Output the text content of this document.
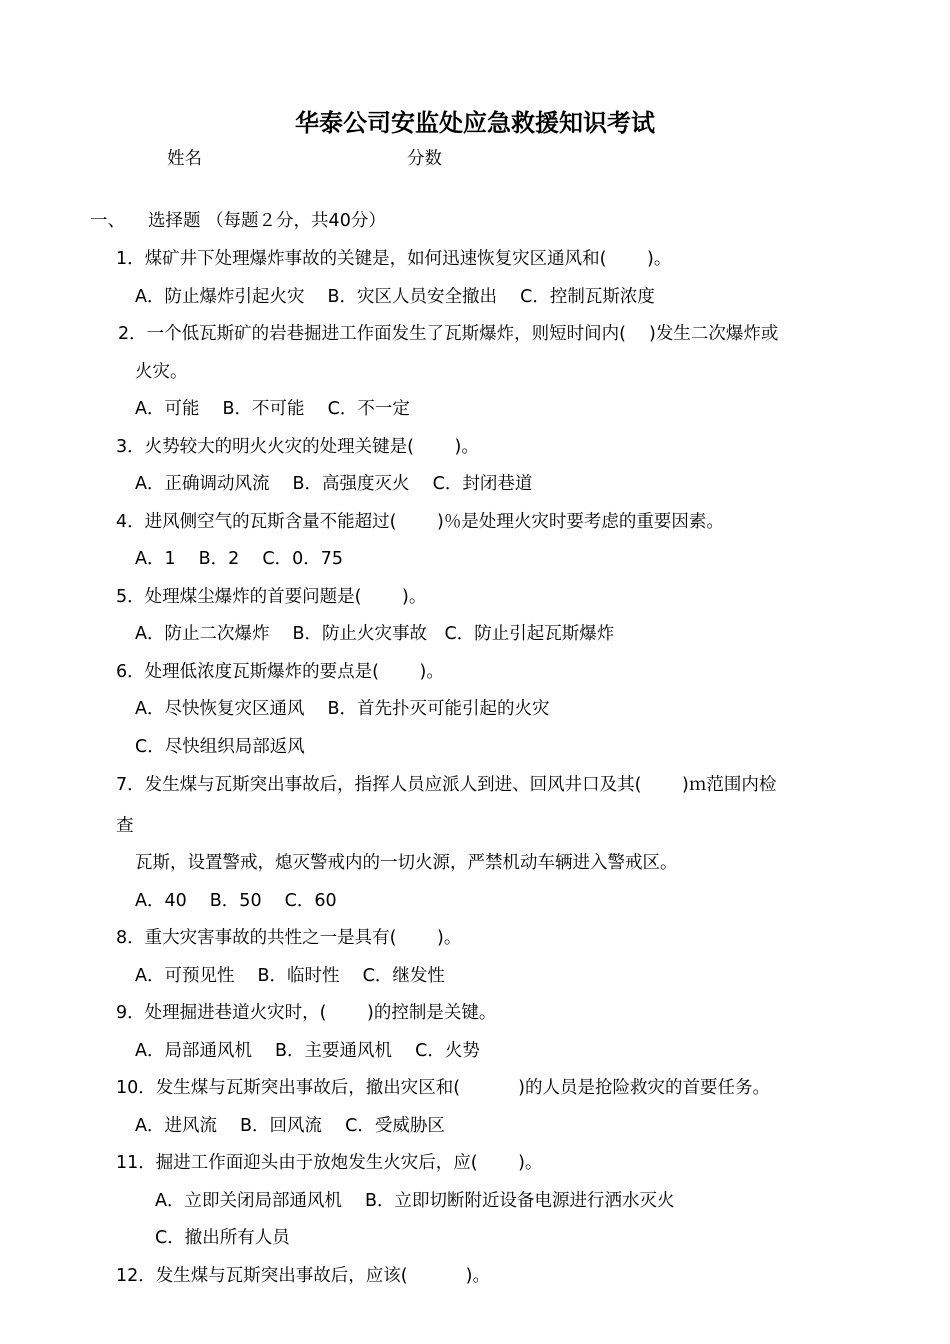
华泰公司安监处应急救援知识考试
姓名	分数
一、 选择题 （每题２分，共40分）
1．煤矿井下处理爆炸事故的关键是，如何迅速恢复灾区通风和(　　 )。
A．防止爆炸引起火灾　 B．灾区人员安全撤出　 C．控制瓦斯浓度
2．一个低瓦斯矿的岩巷掘进工作面发生了瓦斯爆炸，则短时间内(　 )发生二次爆炸或
火灾。
A．可能　 B．不可能　 C．不一定
3．火势较大的明火火灾的处理关键是(　　 )。
A．正确调动风流　 B．高强度灭火　 C．封闭巷道
4．进风侧空气的瓦斯含量不能超过(　　 )％是处理火灾时要考虑的重要因素。
A．1　 B．2　 C．0．75
5．处理煤尘爆炸的首要问题是(　　 )。
A．防止二次爆炸　 B．防止火灾事故　C．防止引起瓦斯爆炸
6．处理低浓度瓦斯爆炸的要点是(　　 )。
A．尽快恢复灾区通风　 B．首先扑灭可能引起的火灾
C．尽快组织局部返风
7．发生煤与瓦斯突出事故后，指挥人员应派人到进、回风井口及其(　　 )ｍ范围内检
查
瓦斯，设置警戒，熄灭警戒内的一切火源，严禁机动车辆进入警戒区。
A．40　 B．50　 C．60
8．重大灾害事故的共性之一是具有(　　 )。
A．可预见性　 B．临时性　 C．继发性
9．处理掘进巷道火灾时，(　　 )的控制是关键。
A．局部通风机　 B．主要通风机　 C．火势
10．发生煤与瓦斯突出事故后，撤出灾区和(　　　 )的人员是抢险救灾的首要任务。
A．进风流　 B．回风流　 C．受威胁区
11．掘进工作面迎头由于放炮发生火灾后，应(　　 )。
A．立即关闭局部通风机　 B．立即切断附近设备电源进行洒水灭火
C．撤出所有人员
12．发生煤与瓦斯突出事故后，应该(　　　 )。
